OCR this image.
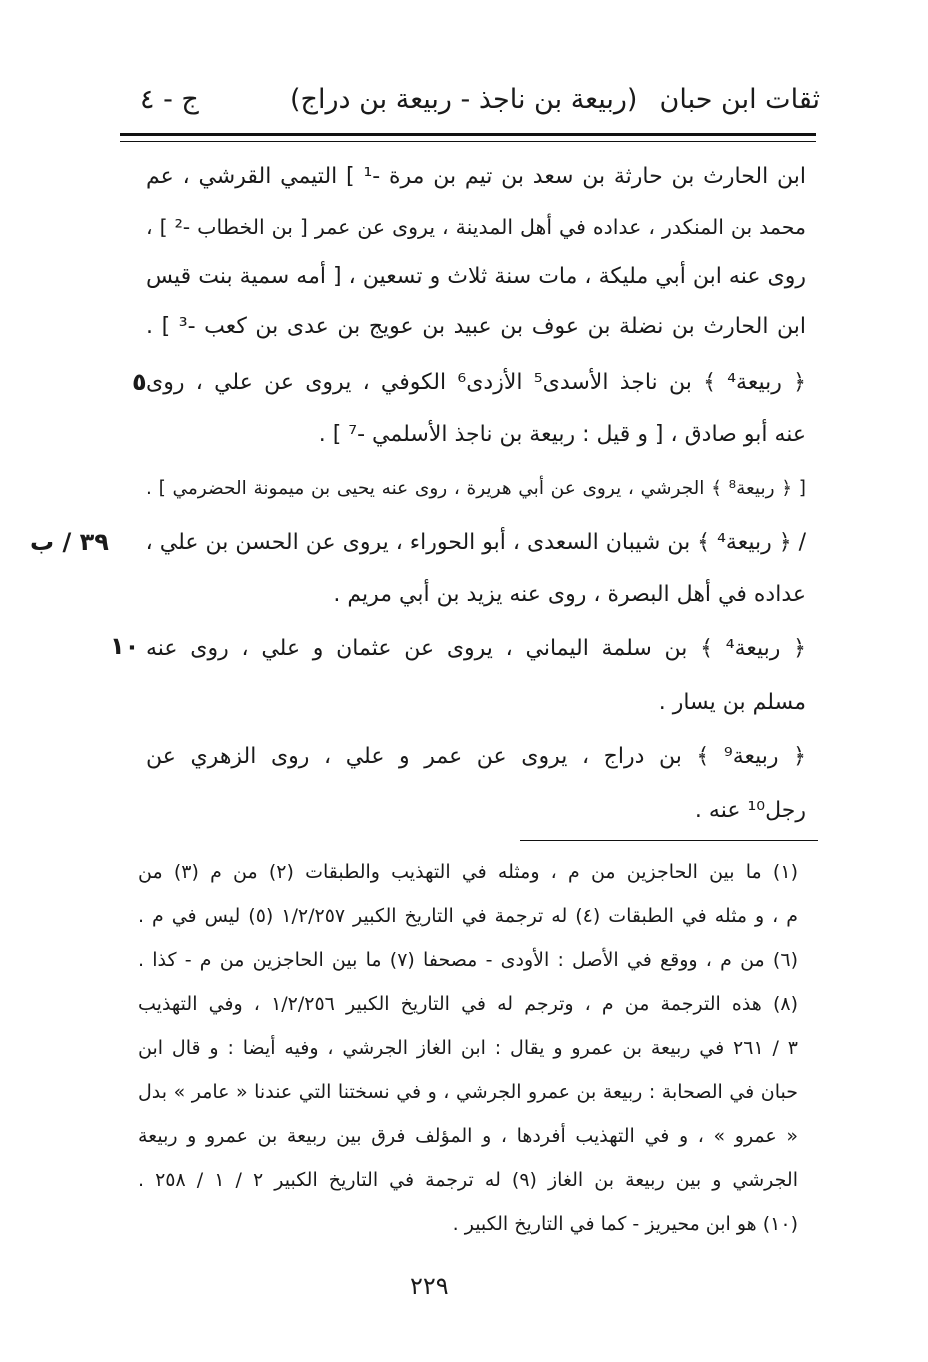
ثقات ابن حبان
(ربيعة بن ناجذ - ربيعة بن دراج)
ج - ٤
ابن الحارث بن حارثة بن سعد بن تيم بن مرة -¹ ] التيمي القرشي ، عم
محمد بن المنكدر ، عداده في أهل المدينة ، يروى عن عمر [ بن الخطاب -² ] ،
روى عنه ابن أبي مليكة ، مات سنة ثلاث و تسعين ، [ أمه سمية بنت قيس
ابن الحارث بن نضلة بن عوف بن عبيد بن عويج بن عدى بن كعب -³ ] .
﴿ ربيعة⁴ ﴾ بن ناجذ الأسدى⁵ الأزدى⁶ الكوفي ، يروى عن علي ، روى
عنه أبو صادق ، [ و قيل : ربيعة بن ناجذ الأسلمي -⁷ ] .
[ ﴿ ربيعة⁸ ﴾ الجرشي ، يروى عن أبي هريرة ، روى عنه يحيى بن ميمونة الحضرمي ] .
/ ﴿ ربيعة⁴ ﴾ بن شيبان السعدى ، أبو الحوراء ، يروى عن الحسن بن علي ،
عداده في أهل البصرة ، روى عنه يزيد بن أبي مريم .
﴿ ربيعة⁴ ﴾ بن سلمة اليماني ، يروى عن عثمان و علي ، روى عنه
مسلم بن يسار .
﴿ ربيعة⁹ ﴾ بن دراج ، يروى عن عمر و علي ، روى الزهري عن
رجل¹⁰ عنه .
٣٩ / ب
٥
١٠
(١) ما بين الحاجزين من م ، ومثله في التهذيب والطبقات (٢) من م (٣) من
م ، و مثله في الطبقات (٤) له ترجمة في التاريخ الكبير ١/٢/٢٥٧ (٥) ليس في م .
(٦) من م ، ووقع في الأصل : الأودى - مصحفا (٧) ما بين الحاجزين من م - كذا .
(٨) هذه الترجمة من م ، وترجم له في التاريخ الكبير ١/٢/٢٥٦ ، وفي التهذيب
٣ / ٢٦١ في ربيعة بن عمرو و يقال : ابن الغاز الجرشي ، وفيه أيضا : و قال ابن
حبان في الصحابة : ربيعة بن عمرو الجرشي ، و في نسختنا التي عندنا « عامر » بدل
« عمرو » ، و في التهذيب أفردها ، و المؤلف فرق بين ربيعة بن عمرو و ربيعة
الجرشي و بين ربيعة بن الغاز (٩) له ترجمة في التاريخ الكبير ٢ / ١ / ٢٥٨ .
(١٠) هو ابن محيريز - كما في التاريخ الكبير .
٢٢٩
